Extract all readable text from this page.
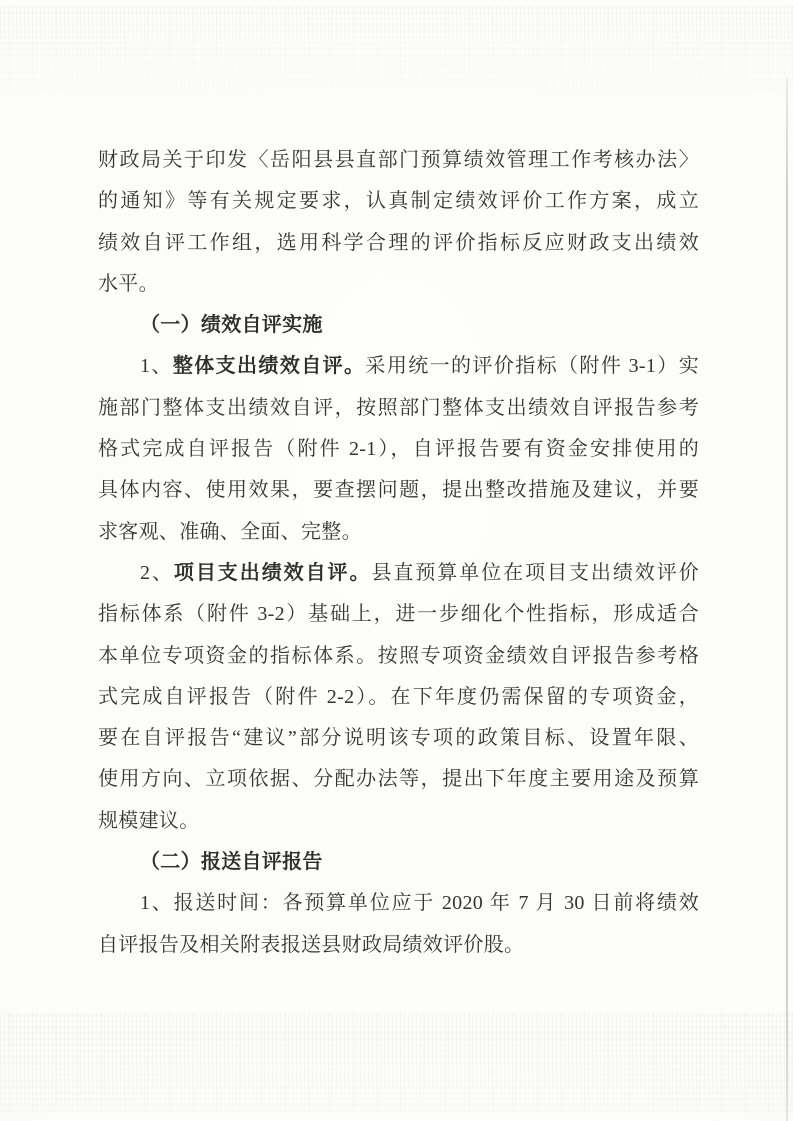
财政局关于印发〈岳阳县县直部门预算绩效管理工作考核办法〉
的通知》等有关规定要求，认真制定绩效评价工作方案，成立
绩效自评工作组，选用科学合理的评价指标反应财政支出绩效
水平。
（一）绩效自评实施
1、整体支出绩效自评。采用统一的评价指标（附件 3-1）实
施部门整体支出绩效自评，按照部门整体支出绩效自评报告参考
格式完成自评报告（附件 2-1），自评报告要有资金安排使用的
具体内容、使用效果，要查摆问题，提出整改措施及建议，并要
求客观、准确、全面、完整。
2、项目支出绩效自评。县直预算单位在项目支出绩效评价
指标体系（附件 3-2）基础上，进一步细化个性指标，形成适合
本单位专项资金的指标体系。按照专项资金绩效自评报告参考格
式完成自评报告（附件 2-2）。在下年度仍需保留的专项资金，
要在自评报告“建议”部分说明该专项的政策目标、设置年限、
使用方向、立项依据、分配办法等，提出下年度主要用途及预算
规模建议。
（二）报送自评报告
1、报送时间：各预算单位应于 2020 年 7 月 30 日前将绩效
自评报告及相关附表报送县财政局绩效评价股。
